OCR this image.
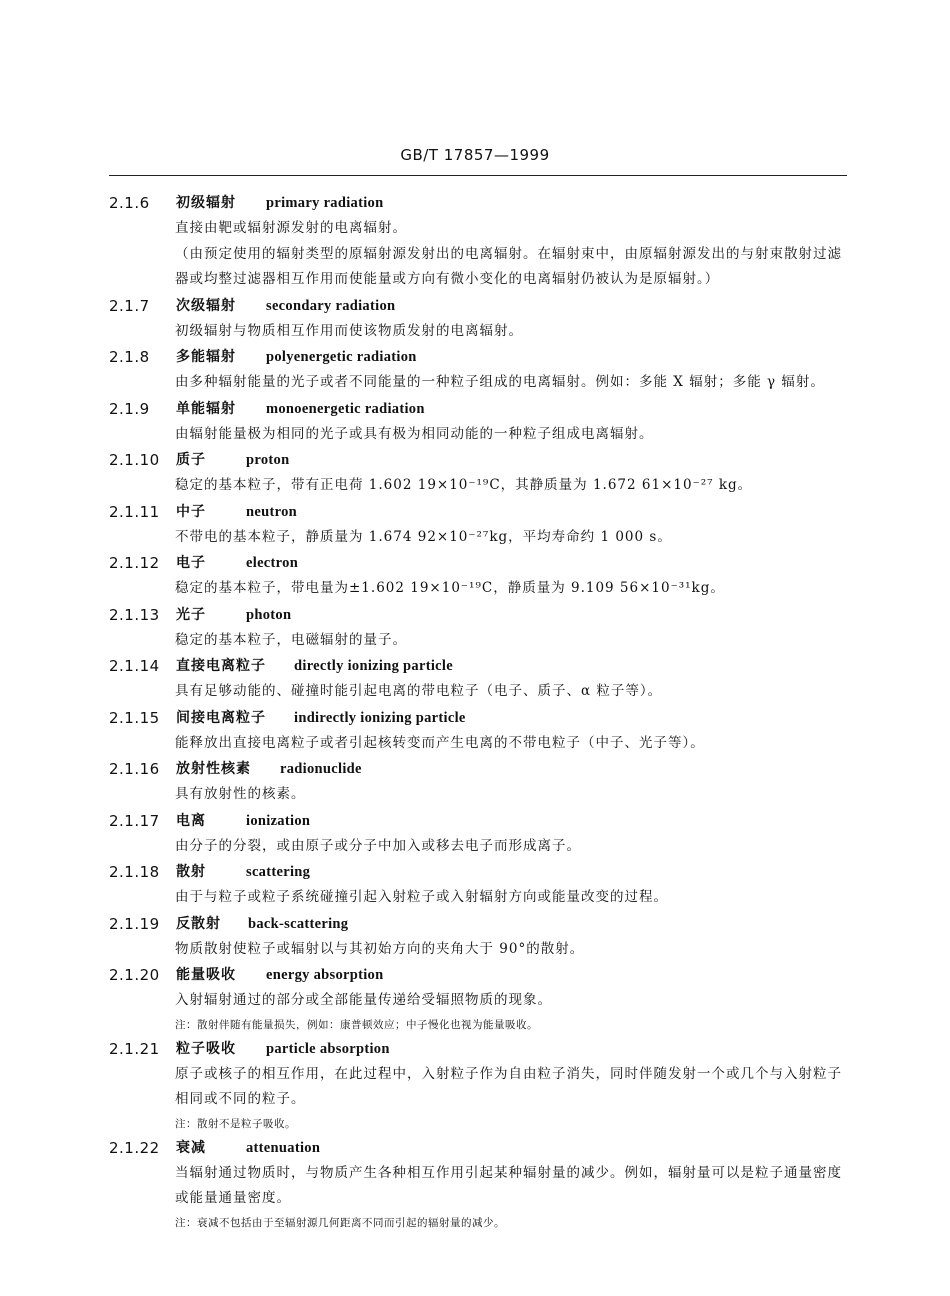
GB/T 17857—1999
2.1.6 初级辐射 primary radiation
直接由靶或辐射源发射的电离辐射。
（由预定使用的辐射类型的原辐射源发射出的电离辐射。在辐射束中，由原辐射源发出的与射束散射过滤器或均整过滤器相互作用而使能量或方向有微小变化的电离辐射仍被认为是原辐射。）
2.1.7 次级辐射 secondary radiation
初级辐射与物质相互作用而使该物质发射的电离辐射。
2.1.8 多能辐射 polyenergetic radiation
由多种辐射能量的光子或者不同能量的一种粒子组成的电离辐射。例如：多能 X 辐射；多能 γ 辐射。
2.1.9 单能辐射 monoenergetic radiation
由辐射能量极为相同的光子或具有极为相同动能的一种粒子组成电离辐射。
2.1.10 质子	proton
稳定的基本粒子，带有正电荷 1.602 19×10⁻¹⁹C，其静质量为 1.672 61×10⁻²⁷ kg。
2.1.11 中子	neutron
不带电的基本粒子，静质量为 1.674 92×10⁻²⁷kg，平均寿命约 1 000 s。
2.1.12 电子	electron
稳定的基本粒子，带电量为±1.602 19×10⁻¹⁹C，静质量为 9.109 56×10⁻³¹kg。
2.1.13 光子	photon
稳定的基本粒子，电磁辐射的量子。
2.1.14 直接电离粒子 directly ionizing particle
具有足够动能的、碰撞时能引起电离的带电粒子（电子、质子、α 粒子等）。
2.1.15 间接电离粒子 indirectly ionizing particle
能释放出直接电离粒子或者引起核转变而产生电离的不带电粒子（中子、光子等）。
2.1.16 放射性核素 radionuclide
具有放射性的核素。
2.1.17 电离	ionization
由分子的分裂，或由原子或分子中加入或移去电子而形成离子。
2.1.18 散射	scattering
由于与粒子或粒子系统碰撞引起入射粒子或入射辐射方向或能量改变的过程。
2.1.19 反散射 back-scattering
物质散射使粒子或辐射以与其初始方向的夹角大于 90°的散射。
2.1.20 能量吸收 energy absorption
入射辐射通过的部分或全部能量传递给受辐照物质的现象。
注：散射伴随有能量损失，例如：康普顿效应；中子慢化也视为能量吸收。
2.1.21 粒子吸收 particle absorption
原子或核子的相互作用，在此过程中，入射粒子作为自由粒子消失，同时伴随发射一个或几个与入射粒子相同或不同的粒子。
注：散射不是粒子吸收。
2.1.22 衰减	attenuation
当辐射通过物质时，与物质产生各种相互作用引起某种辐射量的减少。例如，辐射量可以是粒子通量密度或能量通量密度。
注：衰减不包括由于至辐射源几何距离不同而引起的辐射量的减少。
